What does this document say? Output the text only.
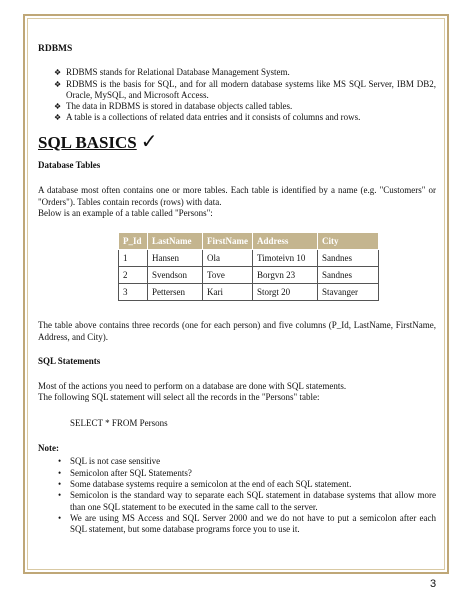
RDBMS

❖ RDBMS stands for Relational Database Management System.
❖ RDBMS is the basis for SQL, and for all modern database systems like MS SQL Server, IBM DB2, Oracle, MySQL, and Microsoft Access.
❖ The data in RDBMS is stored in database objects called tables.
❖ A table is a collections of related data entries and it consists of columns and rows.
SQL BASICS ✓

Database Tables

A database most often contains one or more tables. Each table is identified by a name (e.g. "Customers" or "Orders"). Tables contain records (rows) with data.

Below is an example of a table called "Persons":

P_Id	LastName	FirstName	Address	City
1	Hansen	Ola	Timoteivn 10	Sandnes
2	Svendson	Tove	Borgvn 23	Sandnes
3	Pettersen	Kari	Storgt 20	Stavanger

The table above contains three records (one for each person) and five columns (P_Id, LastName, FirstName, Address, and City).

SQL Statements

Most of the actions you need to perform on a database are done with SQL statements.

The following SQL statement will select all the records in the "Persons" table:

SELECT * FROM Persons

Note:

• SQL is not case sensitive
• Semicolon after SQL Statements?
• Some database systems require a semicolon at the end of each SQL statement.
• Semicolon is the standard way to separate each SQL statement in database systems that allow more than one SQL statement to be executed in the same call to the server.
• We are using MS Access and SQL Server 2000 and we do not have to put a semicolon after each SQL statement, but some database programs force you to use it.
3
